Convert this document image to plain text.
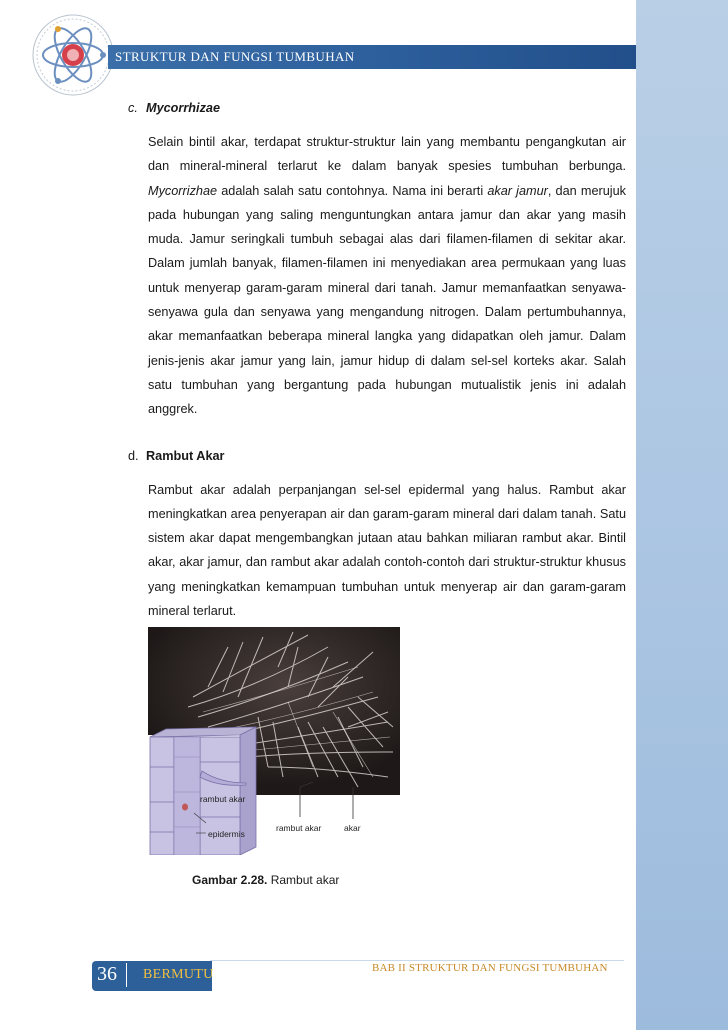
STRUKTUR DAN FUNGSI TUMBUHAN
c. Mycorrhizae

Selain bintil akar, terdapat struktur-struktur lain yang membantu pengangkutan air dan mineral-mineral terlarut ke dalam banyak spesies tumbuhan berbunga. Mycorrizhae adalah salah satu contohnya. Nama ini berarti akar jamur, dan merujuk pada hubungan yang saling menguntungkan antara jamur dan akar yang masih muda. Jamur seringkali tumbuh sebagai alas dari filamen-filamen di sekitar akar. Dalam jumlah banyak, filamen-filamen ini menyediakan area permukaan yang luas untuk menyerap garam-garam mineral dari tanah. Jamur memanfaatkan senyawa-senyawa gula dan senyawa yang mengandung nitrogen. Dalam pertumbuhannya, akar memanfaatkan beberapa mineral langka yang didapatkan oleh jamur. Dalam jenis-jenis akar jamur yang lain, jamur hidup di dalam sel-sel korteks akar. Salah satu tumbuhan yang bergantung pada hubungan mutualistik jenis ini adalah anggrek.

d. Rambut Akar

Rambut akar adalah perpanjangan sel-sel epidermal yang halus. Rambut akar meningkatkan area penyerapan air dan garam-garam mineral dari dalam tanah. Satu sistem akar dapat mengembangkan jutaan atau bahkan miliaran rambut akar. Bintil akar, akar jamur, dan rambut akar adalah contoh-contoh dari struktur-struktur khusus yang meningkatkan kemampuan tumbuhan untuk menyerap air dan garam-garam mineral terlarut.

rambut akar
epidermis
rambut akar	akar
Gambar 2.28. Rambut akar
36 BERMUTU	BAB II STRUKTUR DAN FUNGSI TUMBUHAN
